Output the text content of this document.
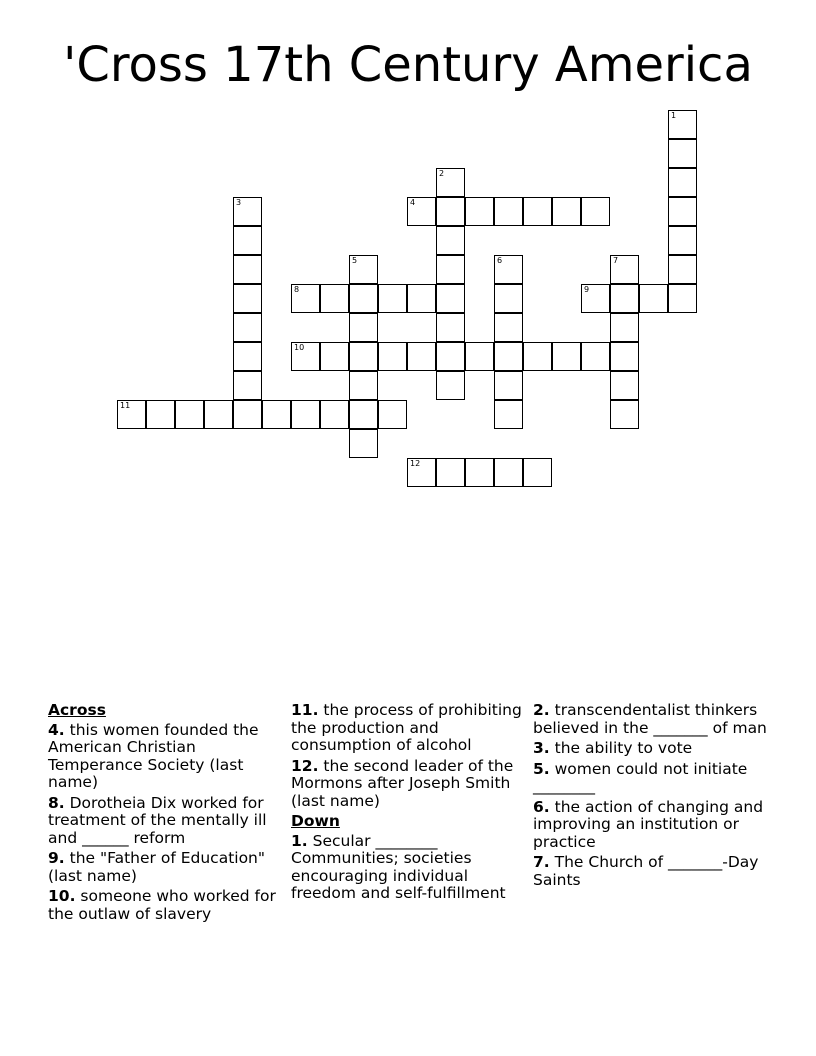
'Cross 17th Century America
1
2
3	4
5	6	7
8	9
10
11
12
Across
4. this women founded the American Christian Temperance Society (last name)
8. Dorotheia Dix worked for treatment of the mentally ill and ______ reform
9. the "Father of Education" (last name)
10. someone who worked for the outlaw of slavery
11. the process of prohibiting the production and consumption of alcohol
12. the second leader of the Mormons after Joseph Smith (last name)
Down
1. Secular ________ Communities; societies encouraging individual freedom and self-fulfillment
2. transcendentalist thinkers believed in the _______ of man
3. the ability to vote
5. women could not initiate ________
6. the action of changing and improving an institution or practice
7. The Church of _______-Day Saints
